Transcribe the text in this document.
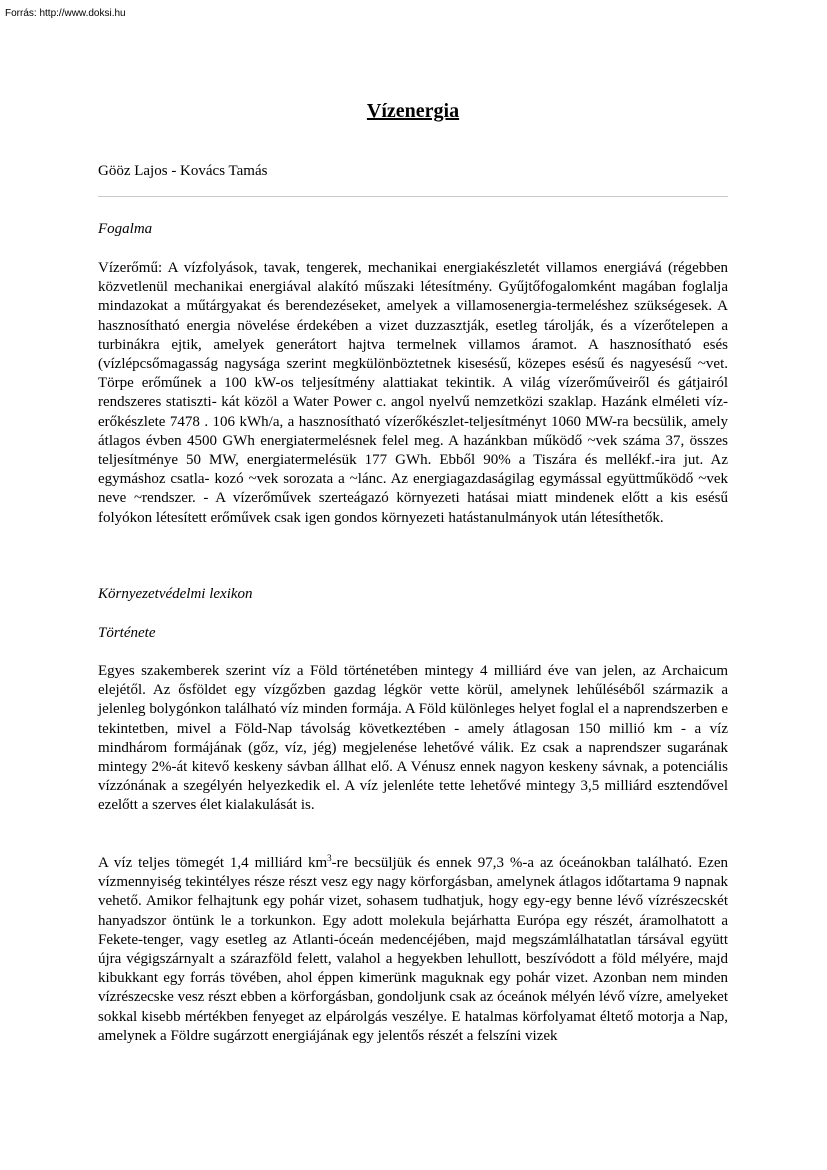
Forrás: http://www.doksi.hu
Vízenergia
Gööz Lajos - Kovács Tamás
Fogalma

Vízerőmű: A vízfolyások, tavak, tengerek, mechanikai energiakészletét villamos energiává (régebben közvetlenül mechanikai energiával alakító műszaki létesítmény. Gyűjtőfogalomként magában foglalja mindazokat a műtárgyakat és berendezéseket, amelyek a villamosenergia-termeléshez szükségesek. A hasznosítható energia növelése érdekében a vizet duzzasztják, esetleg tárolják, és a vízerőtelepen a turbinákra ejtik, amelyek generátort hajtva termelnek villamos áramot. A hasznosítható esés (vízlépcsőmagasság nagysága szerint megkülönböztetnek kisesésű, közepes esésű és nagyesésű ~vet. Törpe erőműnek a 100 kW-os teljesítmény alattiakat tekintik. A világ vízerőműveiről és gátjairól rendszeres statiszti- kát közöl a Water Power c. angol nyelvű nemzetközi szaklap. Hazánk elméleti víz- erőkészlete 7478 . 106 kWh/a, a hasznosítható vízerőkészlet-teljesítményt 1060 MW-ra becsülik, amely átlagos évben 4500 GWh energiatermelésnek felel meg. A hazánkban működő ~vek száma 37, összes teljesítménye 50 MW, energiatermelésük 177 GWh. Ebből 90% a Tiszára és mellékf.-ira jut. Az egymáshoz csatla- kozó ~vek sorozata a ~lánc. Az energiagazdaságilag egymással együttműködő ~vek neve ~rendszer. - A vízerőművek szerteágazó környezeti hatásai miatt mindenek előtt a kis esésű folyókon létesített erőművek csak igen gondos környezeti hatástanulmányok után létesíthetők.

Környezetvédelmi lexikon
Története

Egyes szakemberek szerint víz a Föld történetében mintegy 4 milliárd éve van jelen, az Archaicum elejétől. Az ősföldet egy vízgőzben gazdag légkör vette körül, amelynek lehűléséből származik a jelenleg bolygónkon található víz minden formája. A Föld különleges helyet foglal el a naprendszerben e tekintetben, mivel a Föld-Nap távolság következtében - amely átlagosan 150 millió km - a víz mindhárom formájának (gőz, víz, jég) megjelenése lehetővé válik. Ez csak a naprendszer sugarának mintegy 2%-át kitevő keskeny sávban állhat elő. A Vénusz ennek nagyon keskeny sávnak, a potenciális vízzónának a szegélyén helyezkedik el. A víz jelenléte tette lehetővé mintegy 3,5 milliárd esztendővel ezelőtt a szerves élet kialakulását is.

A víz teljes tömegét 1,4 milliárd $km^3-re$ becsüljük és ennek 97,3 %-a az óceánokban található. Ezen vízmennyiség tekintélyes része részt vesz egy nagy körforgásban, amelynek átlagos időtartama 9 napnak vehető. Amikor felhajtunk egy pohár vizet, sohasem tudhatjuk, hogy egy-egy benne lévő vízrészecskét hanyadszor öntünk le a torkunkon. Egy adott molekula bejárhatta Európa egy részét, áramolhatott a Fekete-tenger, vagy esetleg az Atlanti-óceán medencéjében, majd megszámlálhatatlan társával együtt újra végigszárnyalt a szárazföld felett, valahol a hegyekben lehullott, beszívódott a föld mélyére, majd kibukkant egy forrás tövében, ahol éppen kimerünk maguknak egy pohár vizet. Azonban nem minden vízrészecske vesz részt ebben a körforgásban, gondoljunk csak az óceánok mélyén lévő vízre, amelyeket sokkal kisebb mértékben fenyeget az elpárolgás veszélye. E hatalmas körfolyamat éltető motorja a Nap, amelynek a Földre sugárzott energiájának egy jelentős részét a felszíni vizek
